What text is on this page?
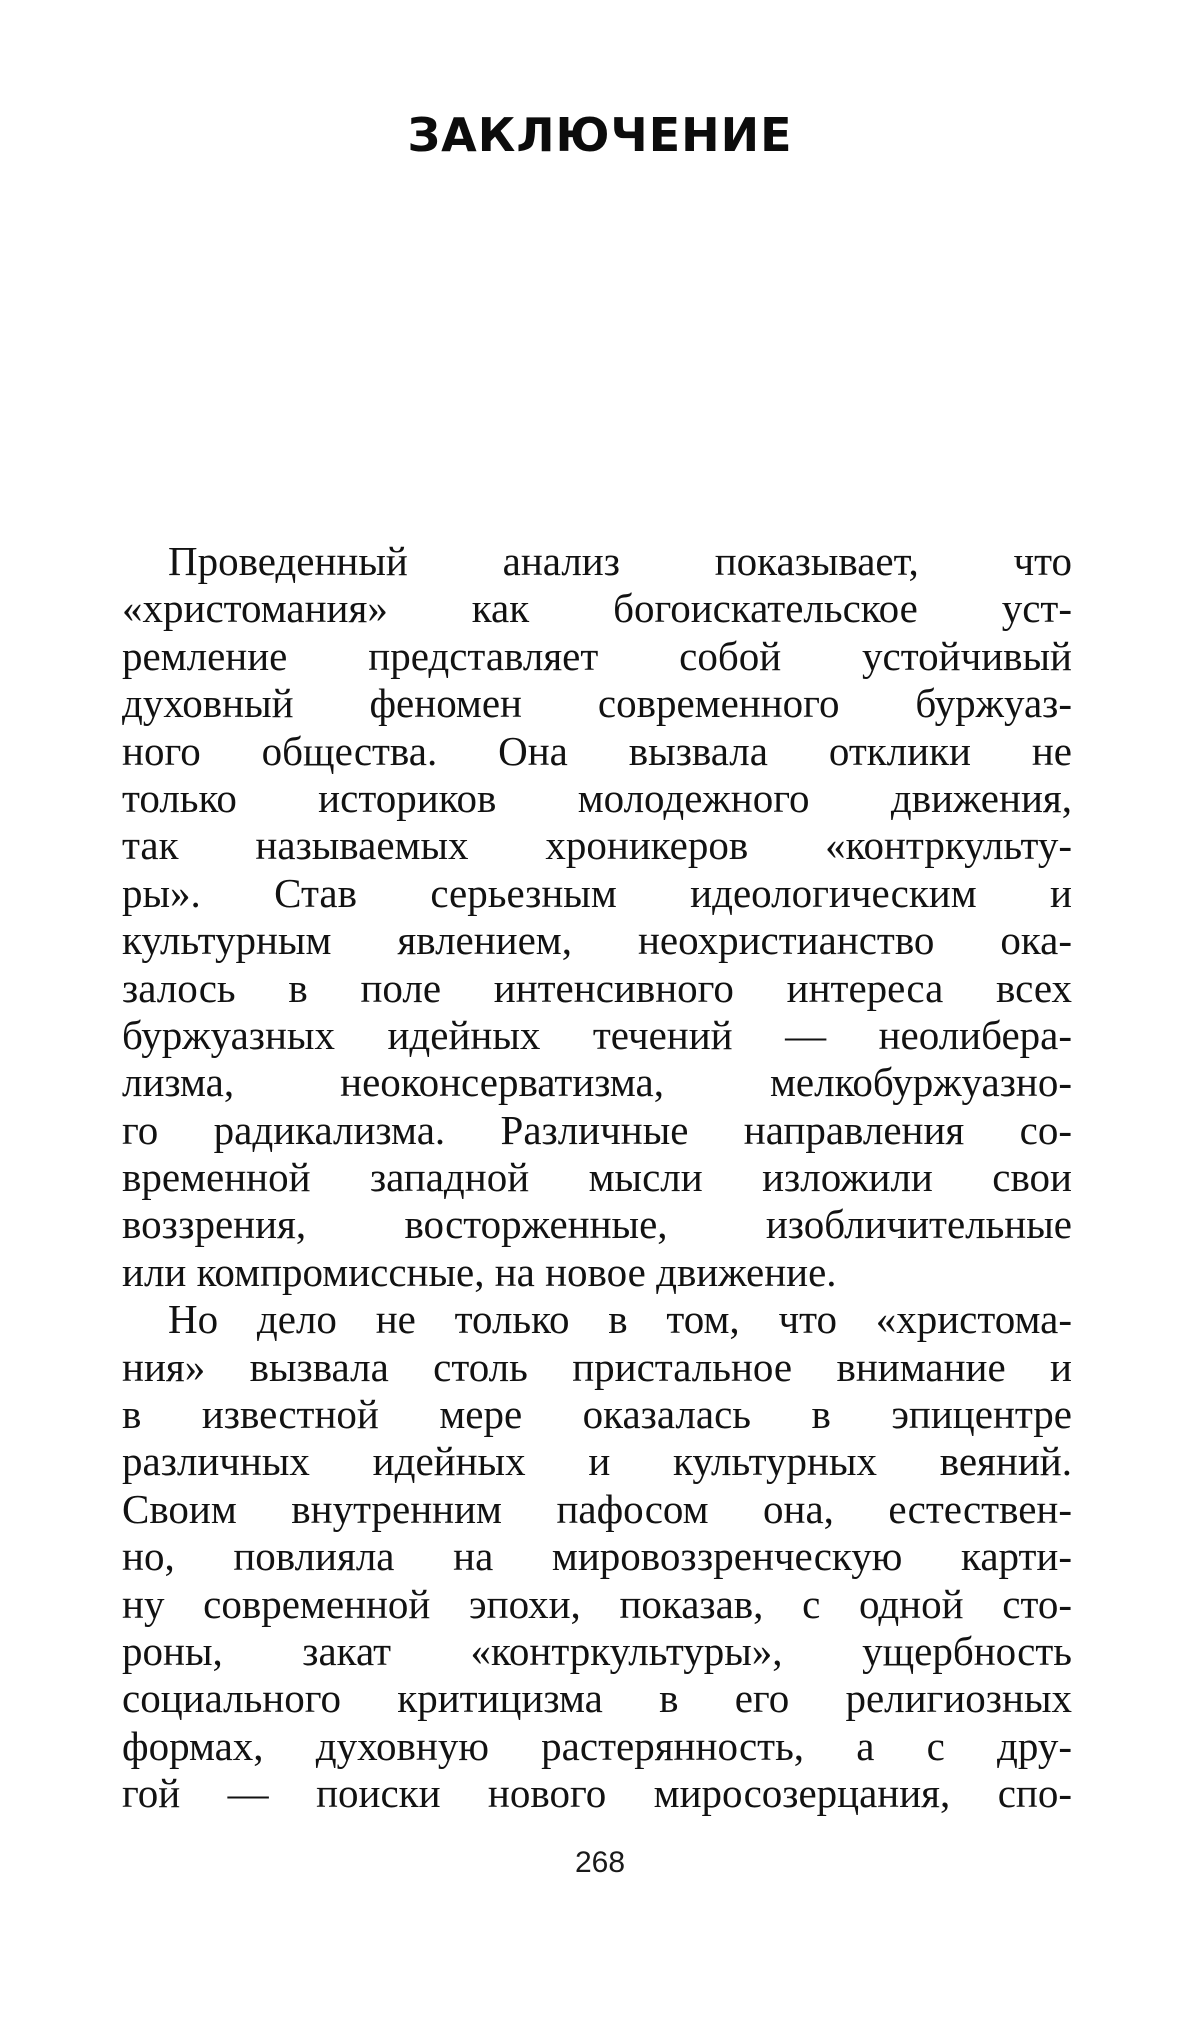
ЗАКЛЮЧЕНИЕ

Проведенный анализ показывает, что
«христомания» как богоискательское уст-
ремление представляет собой устойчивый
духовный феномен современного буржуаз-
ного общества. Она вызвала отклики не
только историков молодежного движения,
так называемых хроникеров «контркульту-
ры». Став серьезным идеологическим и
культурным явлением, неохристианство ока-
залось в поле интенсивного интереса всех
буржуазных идейных течений — неолибера-
лизма, неоконсерватизма, мелкобуржуазно-
го радикализма. Различные направления со-
временной западной мысли изложили свои
воззрения, восторженные, изобличительные
или компромиссные, на новое движение.

Но дело не только в том, что «христома-
ния» вызвала столь пристальное внимание и
в известной мере оказалась в эпицентре
различных идейных и культурных веяний.
Своим внутренним пафосом она, естествен-
но, повлияла на мировоззренческую карти-
ну современной эпохи, показав, с одной сто-
роны, закат «контркультуры», ущербность
социального критицизма в его религиозных
формах, духовную растерянность, а с дру-
гой — поиски нового миросозерцания, спо-

268
